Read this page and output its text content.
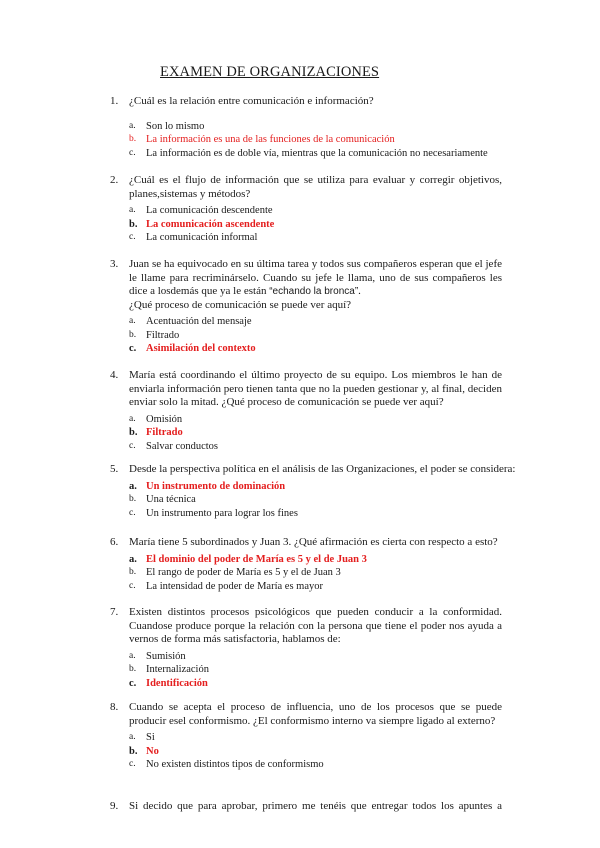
EXAMEN DE ORGANIZACIONES
1. ¿Cuál es la relación entre comunicación e información?
a. Son lo mismo
b. La información es una de las funciones de la comunicación
c. La información es de doble vía, mientras que la comunicación no necesariamente
2. ¿Cuál es el flujo de información que se utiliza para evaluar y corregir objetivos, planes,sistemas y métodos?
a. La comunicación descendente
b. La comunicación ascendente
c. La comunicación informal
3. Juan se ha equivocado en su última tarea y todos sus compañeros esperan que el jefe le llame para recriminárselo. Cuando su jefe le llama, uno de sus compañeros les dice a losdemás que ya le están “echando la bronca”.
¿Qué proceso de comunicación se puede ver aquí?
a. Acentuación del mensaje
b. Filtrado
c. Asimilación del contexto
4. María está coordinando el último proyecto de su equipo. Los miembros le han de enviarla información pero tienen tanta que no la pueden gestionar y, al final, deciden enviar solo la mitad. ¿Qué proceso de comunicación se puede ver aquí?
a. Omisión
b. Filtrado
c. Salvar conductos
5. Desde la perspectiva política en el análisis de las Organizaciones, el poder se considera:
a. Un instrumento de dominación
b. Una técnica
c. Un instrumento para lograr los fines
6. María tiene 5 subordinados y Juan 3. ¿Qué afirmación es cierta con respecto a esto?
a. El dominio del poder de María es 5 y el de Juan 3
b. El rango de poder de María es 5 y el de Juan 3
c. La intensidad de poder de María es mayor
7. Existen distintos procesos psicológicos que pueden conducir a la conformidad. Cuandose produce porque la relación con la persona que tiene el poder nos ayuda a vernos de forma más satisfactoria, hablamos de:
a. Sumisión
b. Internalización
c. Identificación
8. Cuando se acepta el proceso de influencia, uno de los procesos que se puede producir esel conformismo. ¿El conformismo interno va siempre ligado al externo?
a. Si
b. No
c. No existen distintos tipos de conformismo
9. Si decido que para aprobar, primero me tenéis que entregar todos los apuntes a
